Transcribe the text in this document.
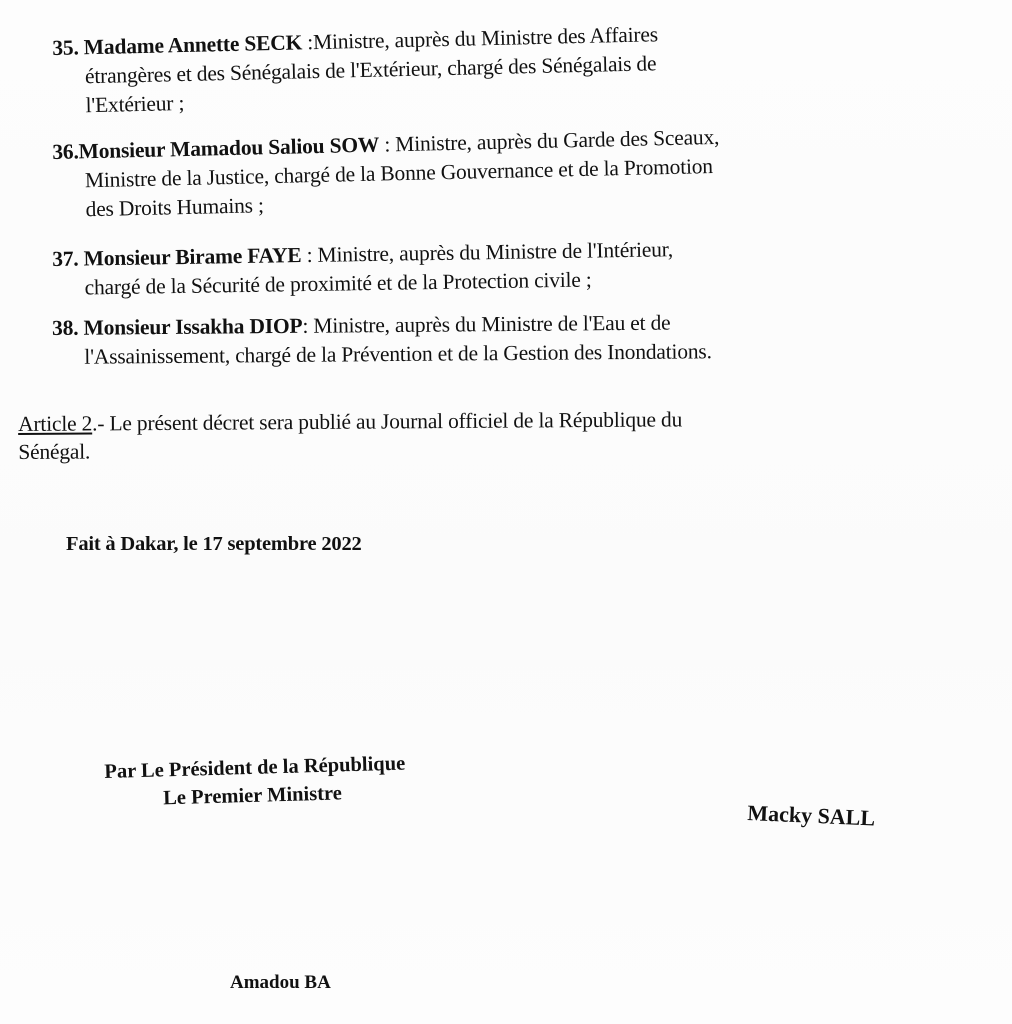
35. Madame Annette SECK :Ministre, auprès du Ministre des Affaires
étrangères et des Sénégalais de l'Extérieur, chargé des Sénégalais de
l'Extérieur ;
36.Monsieur Mamadou Saliou SOW : Ministre, auprès du Garde des Sceaux,
Ministre de la Justice, chargé de la Bonne Gouvernance et de la Promotion
des Droits Humains ;
37. Monsieur Birame FAYE : Ministre, auprès du Ministre de l'Intérieur,
chargé de la Sécurité de proximité et de la Protection civile ;
38. Monsieur Issakha DIOP: Ministre, auprès du Ministre de l'Eau et de
l'Assainissement, chargé de la Prévention et de la Gestion des Inondations.
Article 2.- Le présent décret sera publié au Journal officiel de la République du
Sénégal.
Fait à Dakar, le 17 septembre 2022
Par Le Président de la République
Le Premier Ministre
Macky SALL
Amadou BA
